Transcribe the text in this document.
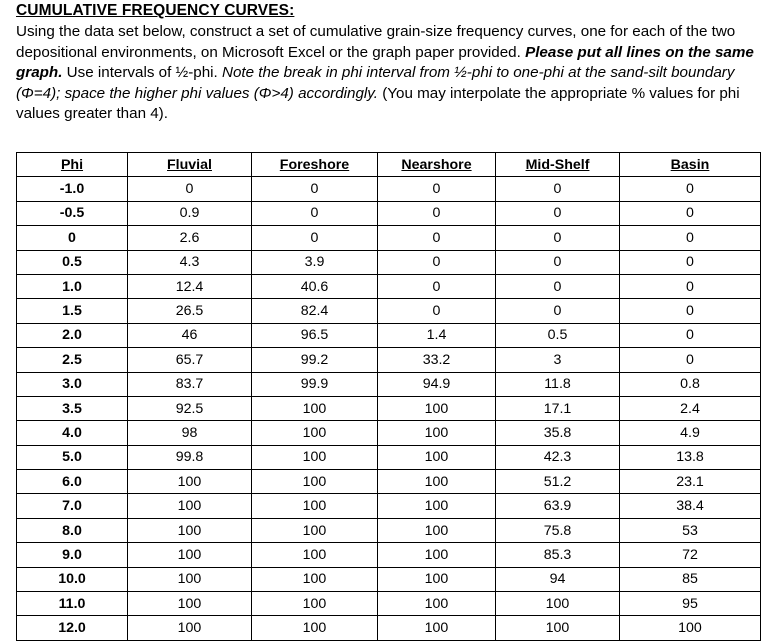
CUMULATIVE FREQUENCY CURVES:
Using the data set below, construct a set of cumulative grain-size frequency curves, one for each of the two depositional environments, on Microsoft Excel or the graph paper provided. Please put all lines on the same graph. Use intervals of ½-phi. Note the break in phi interval from ½-phi to one-phi at the sand-silt boundary (Φ=4); space the higher phi values (Φ>4) accordingly. (You may interpolate the appropriate % values for phi values greater than 4).
Phi	Fluvial	Foreshore	Nearshore	Mid-Shelf	Basin
-1.0	0	0	0	0	0
-0.5	0.9	0	0	0	0
0	2.6	0	0	0	0
0.5	4.3	3.9	0	0	0
1.0	12.4	40.6	0	0	0
1.5	26.5	82.4	0	0	0
2.0	46	96.5	1.4	0.5	0
2.5	65.7	99.2	33.2	3	0
3.0	83.7	99.9	94.9	11.8	0.8
3.5	92.5	100	100	17.1	2.4
4.0	98	100	100	35.8	4.9
5.0	99.8	100	100	42.3	13.8
6.0	100	100	100	51.2	23.1
7.0	100	100	100	63.9	38.4
8.0	100	100	100	75.8	53
9.0	100	100	100	85.3	72
10.0	100	100	100	94	85
11.0	100	100	100	100	95
12.0	100	100	100	100	100
